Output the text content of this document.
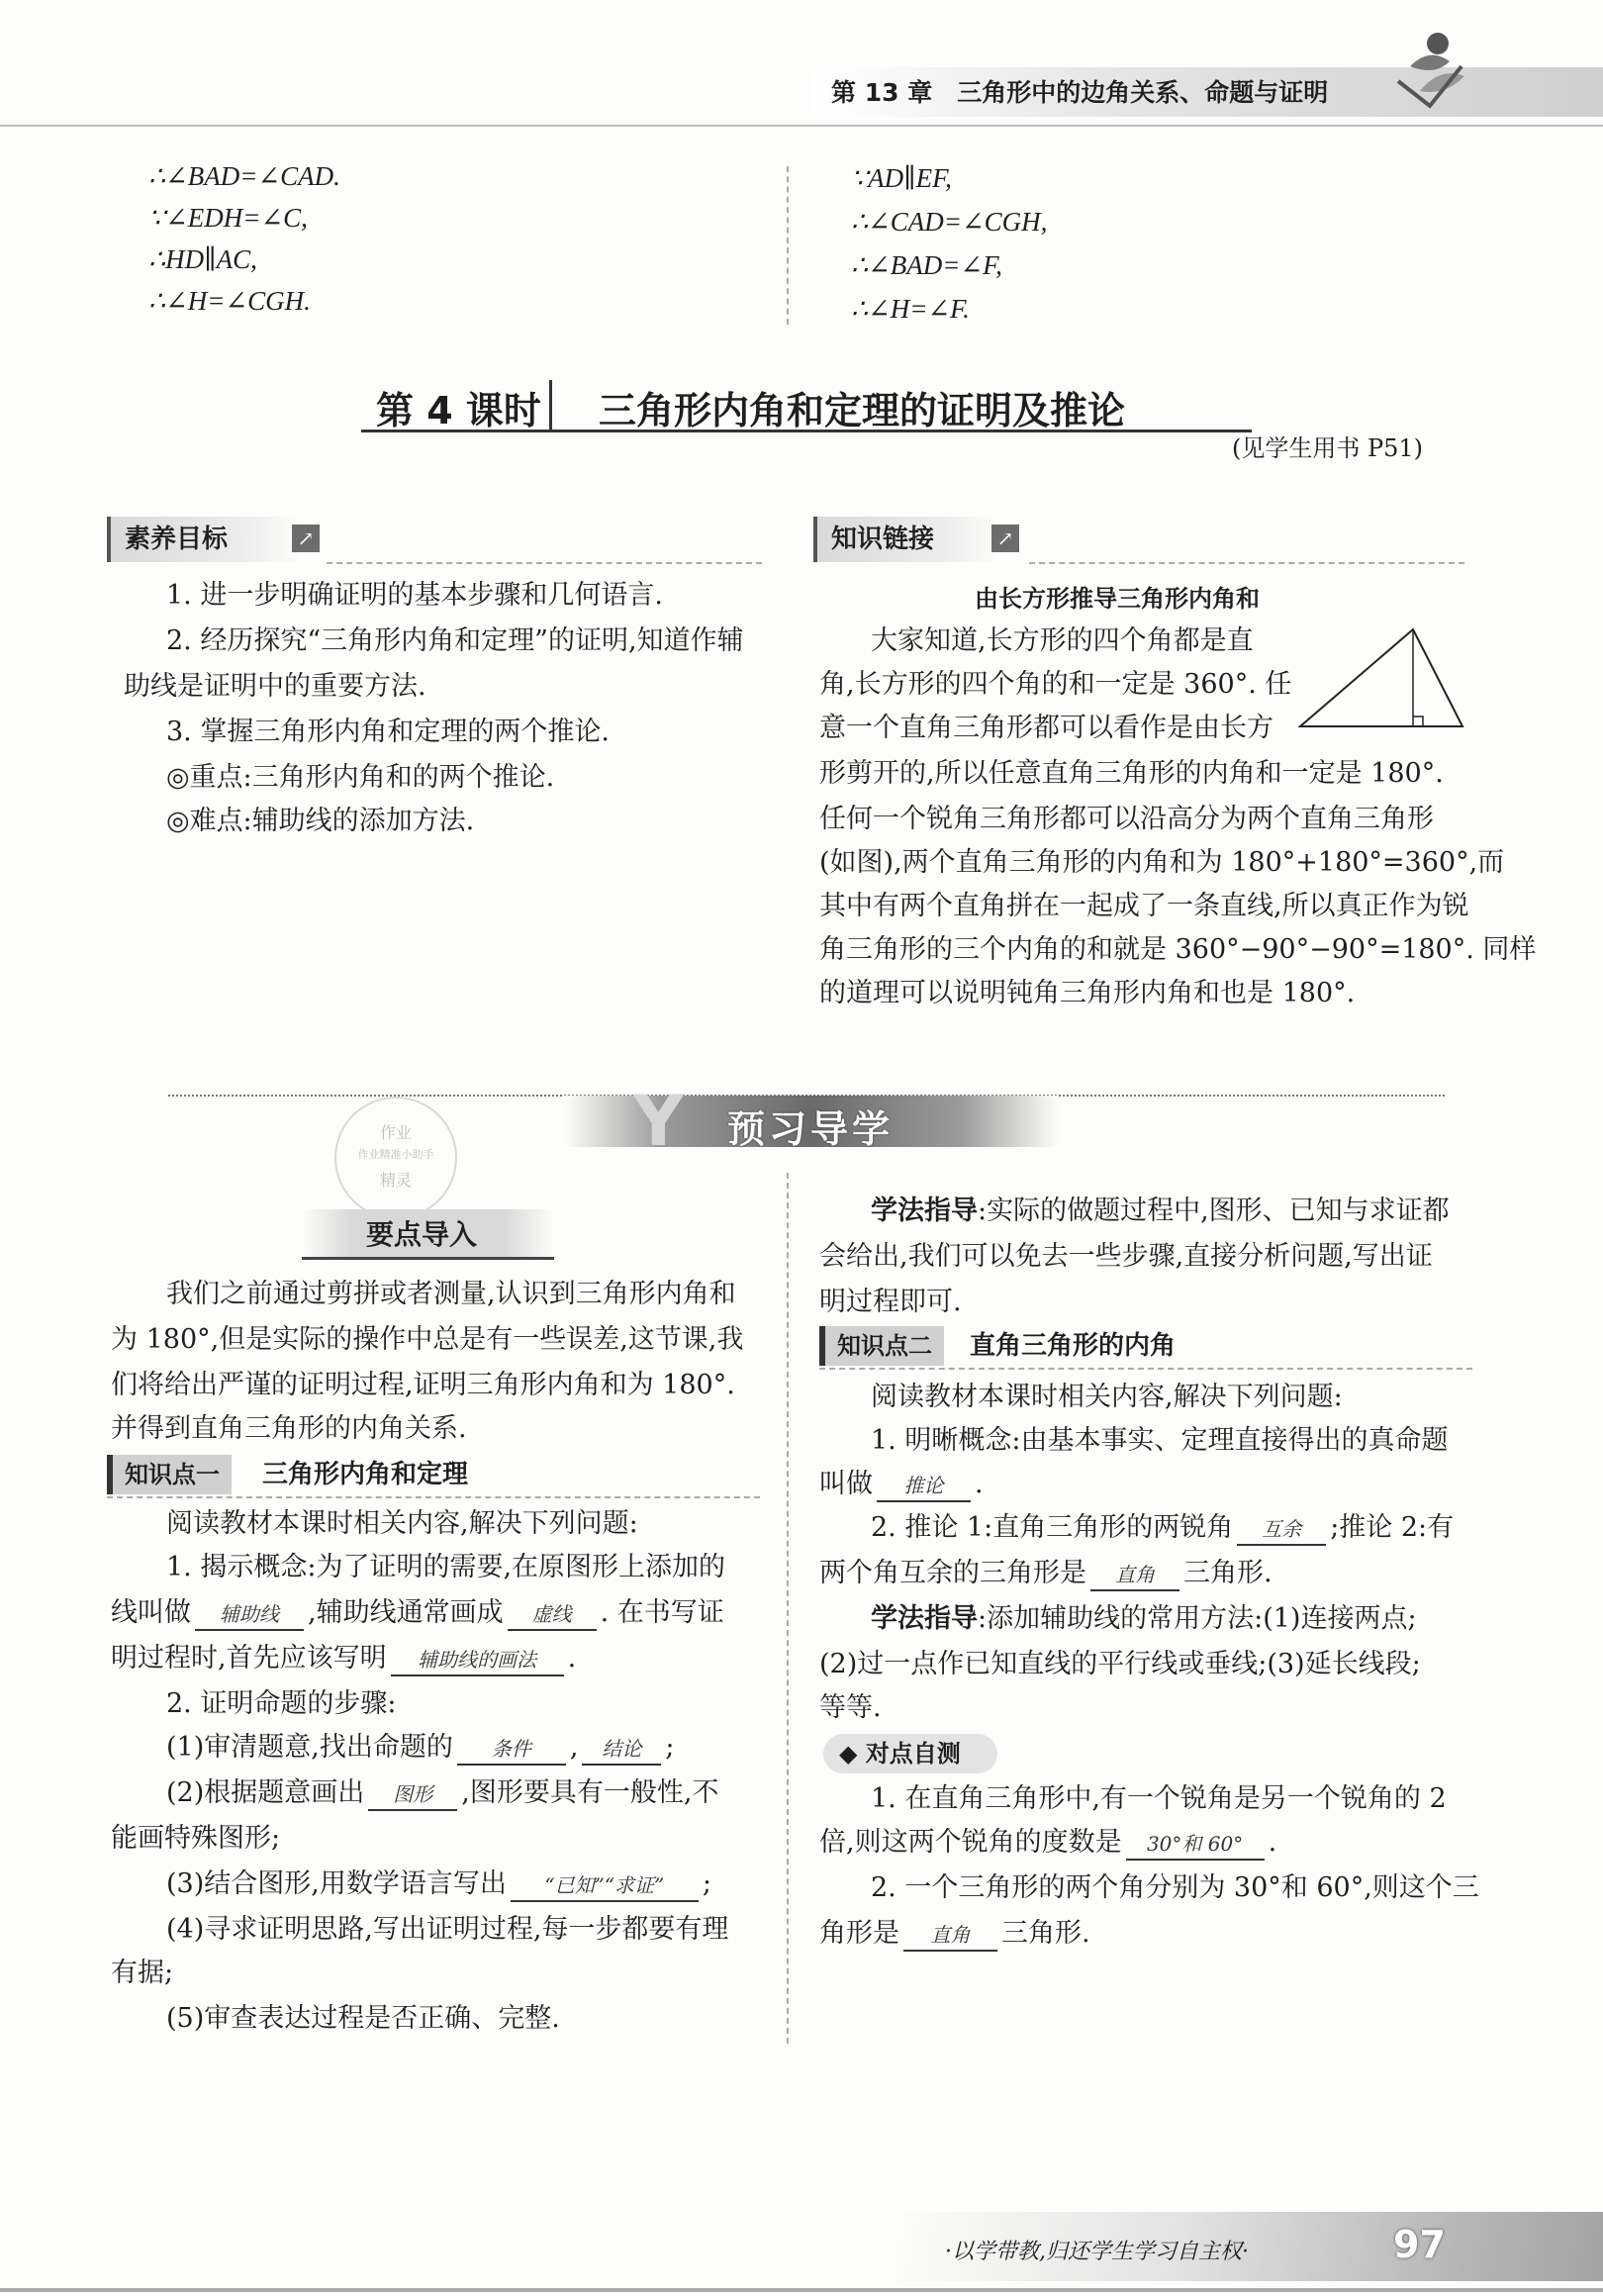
第 13 章　三角形中的边角关系、命题与证明
∴∠BAD=∠CAD.
∵∠EDH=∠C,
∴HD∥AC,
∴∠H=∠CGH.
∵AD∥EF,
∴∠CAD=∠CGH,
∴∠BAD=∠F,
∴∠H=∠F.
第 4 课时 三角形内角和定理的证明及推论
(见学生用书 P51)
素养目标	↗
1. 进一步明确证明的基本步骤和几何语言.
2. 经历探究“三角形内角和定理”的证明,知道作辅
助线是证明中的重要方法.
3. 掌握三角形内角和定理的两个推论.
◎重点:三角形内角和的两个推论.
◎难点:辅助线的添加方法.
知识链接	↗
由长方形推导三角形内角和
大家知道,长方形的四个角都是直
角,长方形的四个角的和一定是 360°. 任
意一个直角三角形都可以看作是由长方
形剪开的,所以任意直角三角形的内角和一定是 180°.
任何一个锐角三角形都可以沿高分为两个直角三角形
(如图),两个直角三角形的内角和为 180°+180°=360°,而
其中有两个直角拼在一起成了一条直线,所以真正作为锐
角三角形的三个内角的和就是 360°−90°−90°=180°. 同样
的道理可以说明钝角三角形内角和也是 180°.
Y 预习导学
作业
作业精准小助手
精灵
要点导入
我们之前通过剪拼或者测量,认识到三角形内角和
为 180°,但是实际的操作中总是有一些误差,这节课,我
们将给出严谨的证明过程,证明三角形内角和为 180°.
并得到直角三角形的内角关系.
知识点一	三角形内角和定理
阅读教材本课时相关内容,解决下列问题:
1. 揭示概念:为了证明的需要,在原图形上添加的
线叫做 辅助线 ,辅助线通常画成 虚线 . 在书写证
明过程时,首先应该写明 辅助线的画法 .
2. 证明命题的步骤:
(1)审清题意,找出命题的 条件 , 结论 ;
(2)根据题意画出 图形 ,图形要具有一般性,不
能画特殊图形;
(3)结合图形,用数学语言写出 “已知”“求证” ;
(4)寻求证明思路,写出证明过程,每一步都要有理
有据;
(5)审查表达过程是否正确、完整.
学法指导:实际的做题过程中,图形、已知与求证都
会给出,我们可以免去一些步骤,直接分析问题,写出证
明过程即可.
知识点二	直角三角形的内角
阅读教材本课时相关内容,解决下列问题:
1. 明晰概念:由基本事实、定理直接得出的真命题
叫做 推论 .
2. 推论 1:直角三角形的两锐角 互余 ;推论 2:有
两个角互余的三角形是 直角 三角形.
学法指导:添加辅助线的常用方法:(1)连接两点;
(2)过一点作已知直线的平行线或垂线;(3)延长线段;
等等.
◆ 对点自测
1. 在直角三角形中,有一个锐角是另一个锐角的 2
倍,则这两个锐角的度数是 30°和 60° .
2. 一个三角形的两个角分别为 30°和 60°,则这个三
角形是 直角 三角形.
·以学带教,归还学生学习自主权·	97
